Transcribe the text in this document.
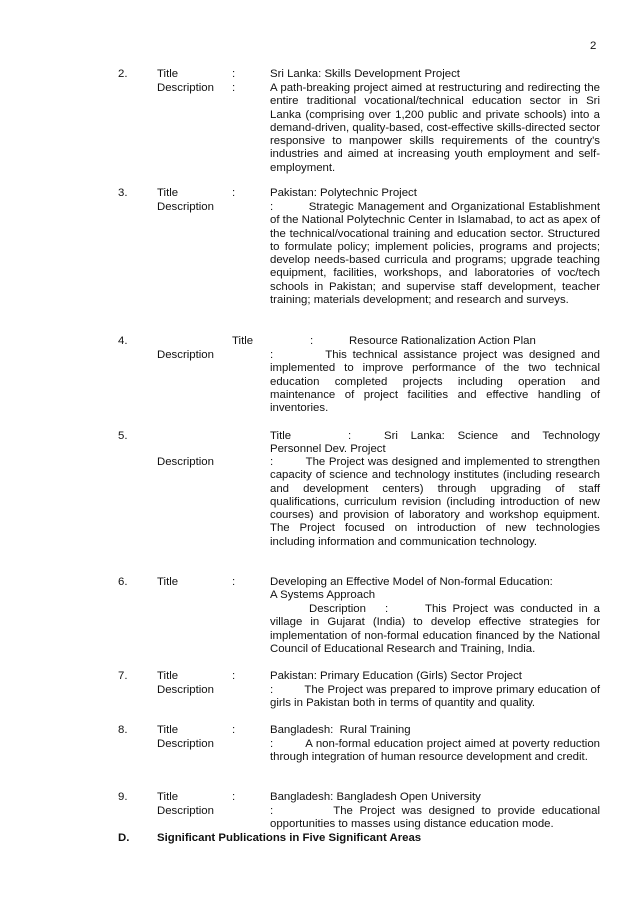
2
2.	Title	:	Sri Lanka: Skills Development Project
Description :	A path-breaking project aimed at restructuring and redirecting the entire traditional vocational/technical education sector in Sri Lanka (comprising over 1,200 public and private schools) into a demand-driven, quality-based, cost-effective skills-directed sector responsive to manpower skills requirements of the country's industries and aimed at increasing youth employment and self-employment.

3.	Title	:	Pakistan: Polytechnic Project
Description	:         Strategic Management and Organizational Establishment of the National Polytechnic Center in Islamabad, to act as apex of the technical/vocational training and education sector. Structured to formulate policy; implement policies, programs and projects; develop needs-based curricula and programs; upgrade teaching equipment, facilities, workshops, and laboratories of voc/tech schools in Pakistan; and supervise staff development, teacher training; materials development; and research and surveys.

4.	Title	:	Resource Rationalization Action Plan
Description	:         This technical assistance project was designed and implemented to improve performance of the two technical education completed projects including operation and maintenance of project facilities and effective handling of inventories.

5.	Title	:	Sri Lanka: Science and Technology Personnel Dev. Project

Description	:         The Project was designed and implemented to strengthen capacity of science and technology institutes (including research and development centers) through upgrading of staff qualifications, curriculum revision (including introduction of new courses) and provision of laboratory and workshop equipment. The Project focused on introduction of new technologies including information and communication technology.

6.	Title	:	Developing an Effective Model of Non-formal Education:
A Systems Approach
Description :	This Project was conducted in a village in Gujarat (India) to develop effective strategies for implementation of non-formal education financed by the National Council of Educational Research and Training, India.

7.	Title	:	Pakistan: Primary Education (Girls) Sector Project
Description	:         The Project was prepared to improve primary education of girls in Pakistan both in terms of quantity and quality.

8.	Title	:	Bangladesh:  Rural Training
Description	:         A non-formal education project aimed at poverty reduction through integration of human resource development and credit.

9.	Title	:	Bangladesh: Bangladesh Open University
Description	:         The Project was designed to provide educational opportunities to masses using distance education mode.

D. Significant Publications in Five Significant Areas
